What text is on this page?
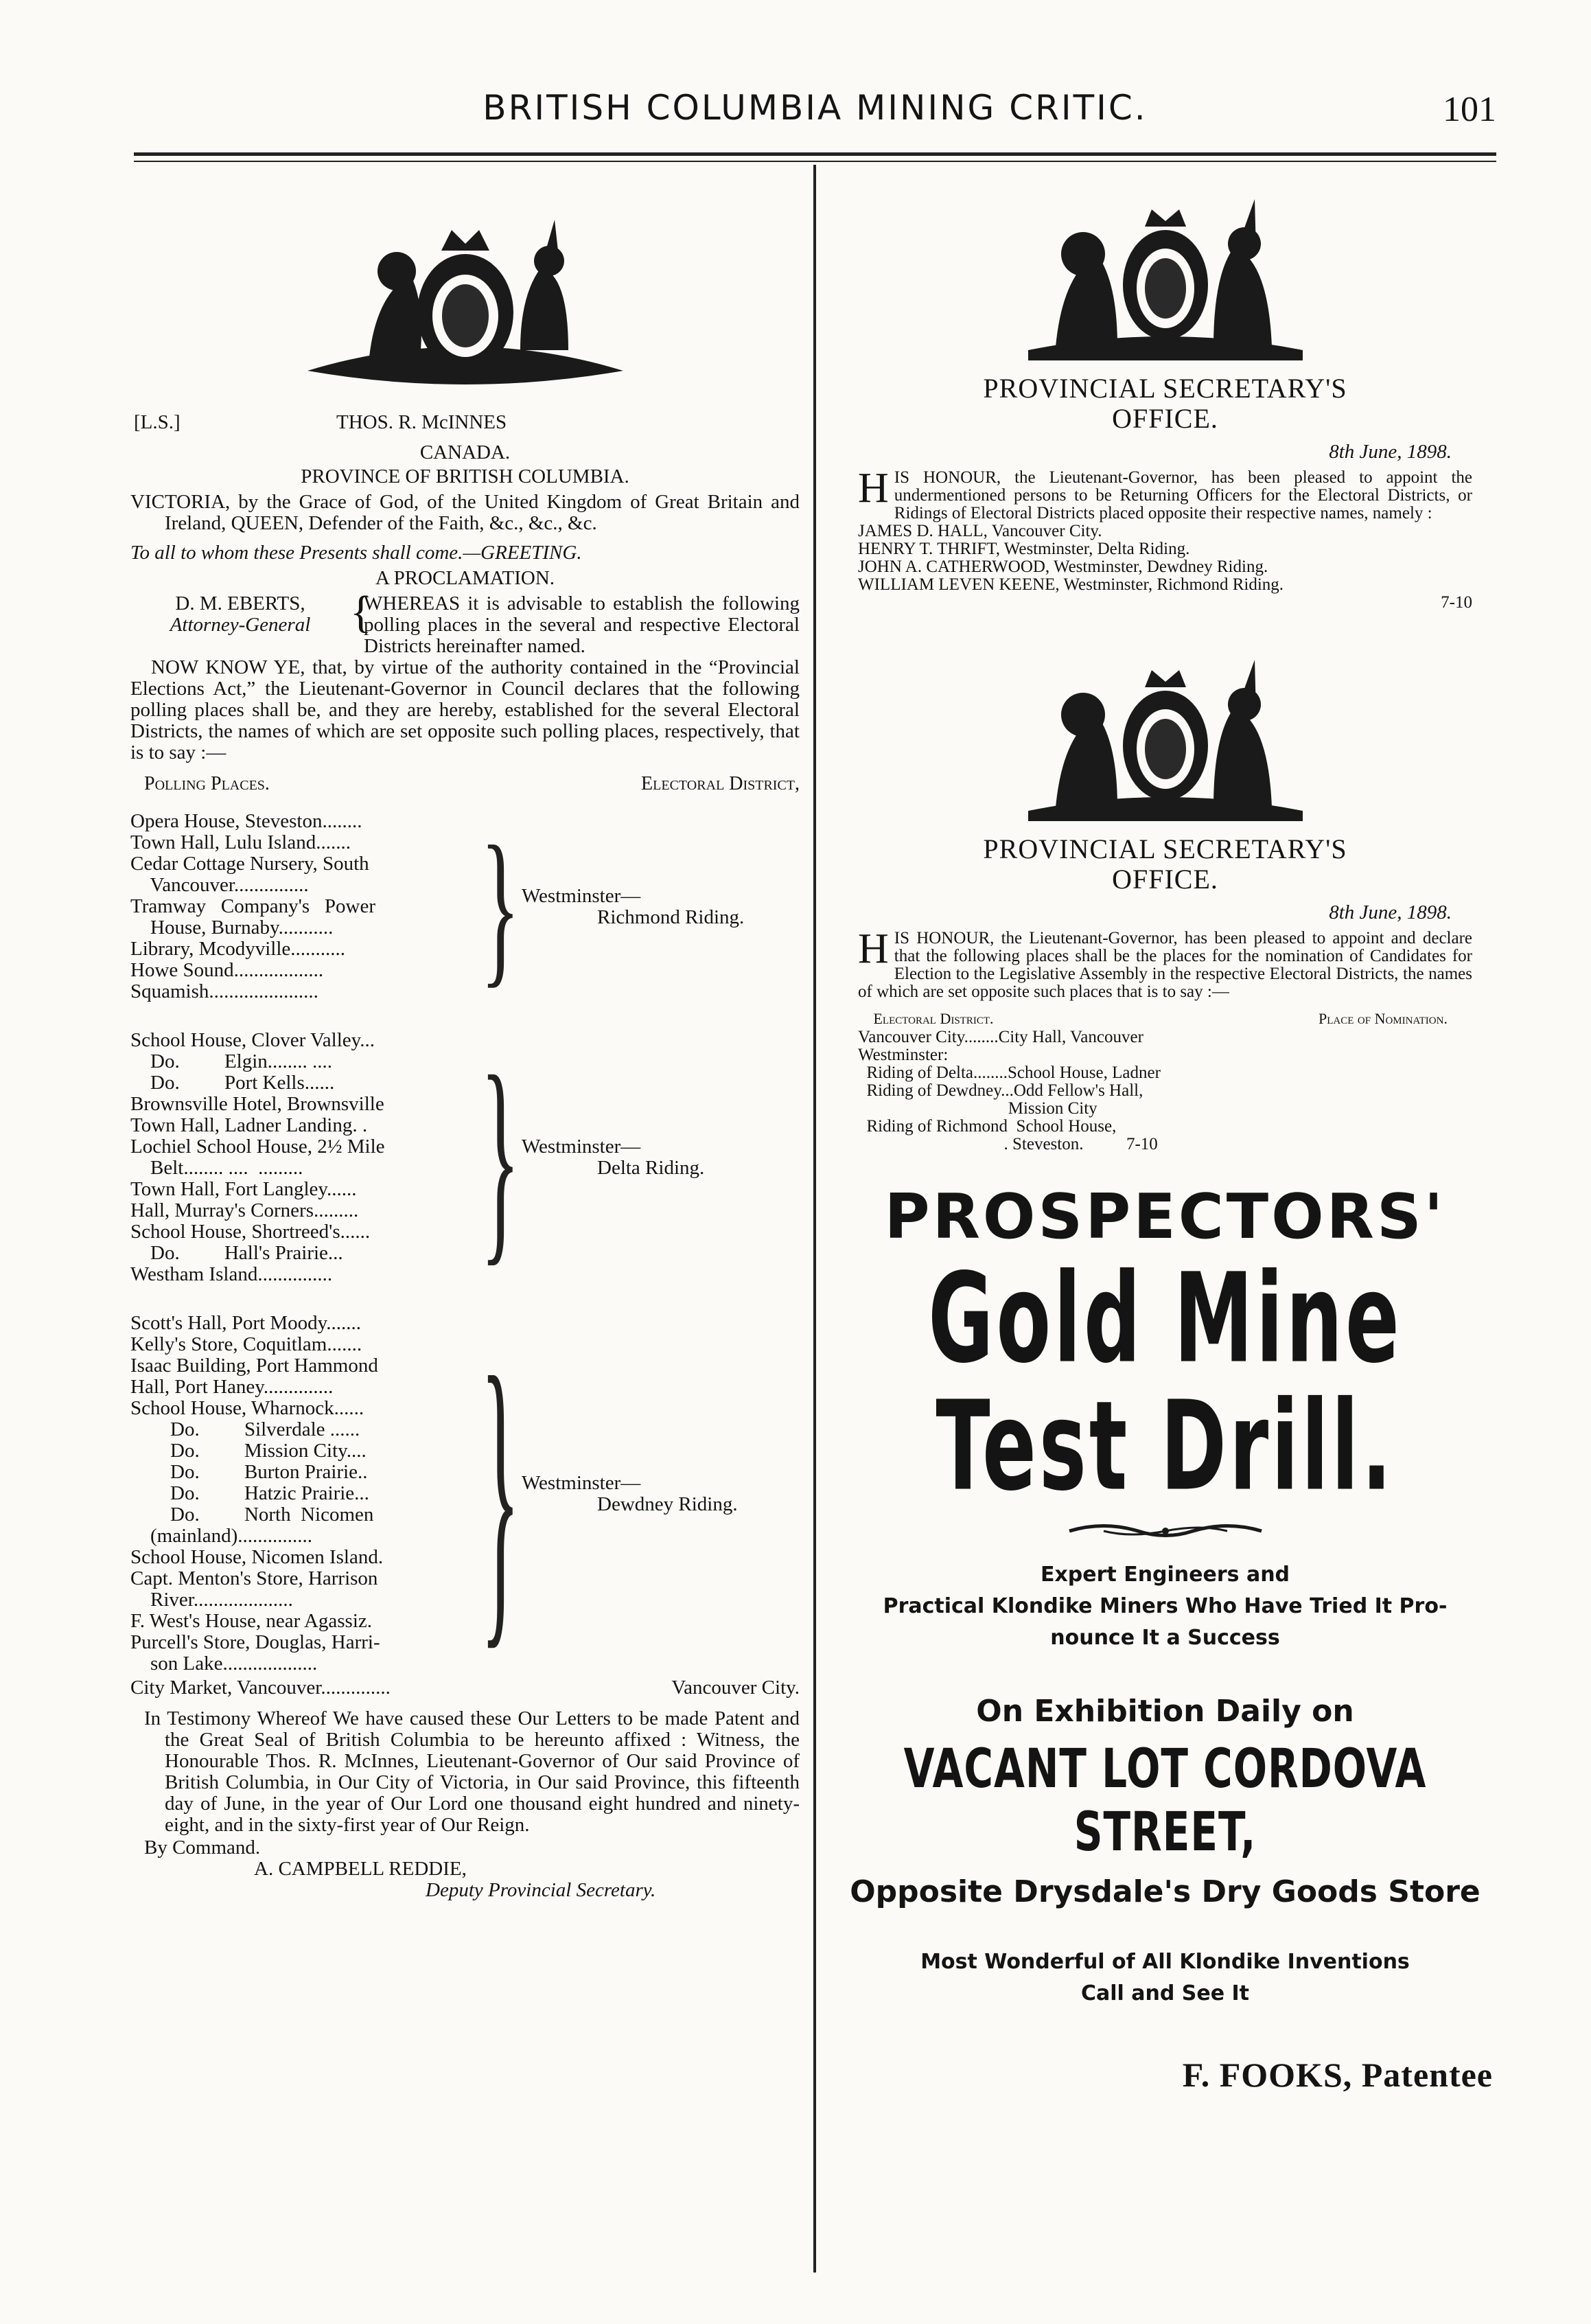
BRITISH COLUMBIA MINING CRITIC.	101
[L.S.]	THOS. R. McINNES
CANADA.
PROVINCE OF BRITISH COLUMBIA.
VICTORIA, by the Grace of God, of the United Kingdom of Great Britain and Ireland, QUEEN, Defender of the Faith, &c., &c., &c.
To all to whom these Presents shall come.—GREETING.
A PROCLAMATION.
D. M. EBERTS,
Attorney-General {
WHEREAS it is advisable to establish the following polling places in the several and respective Electoral Districts hereinafter named.
NOW KNOW YE, that, by virtue of the authority contained in the “Provincial Elections Act,” the Lieutenant-Governor in Council declares that the following polling places shall be, and they are hereby, established for the several Electoral Districts, the names of which are set opposite such polling places, respectively, that is to say :—
Polling Places.	Electoral District,
Opera House, Steveston........
Town Hall, Lulu Island.......
Cedar Cottage Nursery, South
Vancouver...............
Tramway   Company's   Power
House, Burnaby...........
Library, Mcodyville...........
Howe Sound..................
Squamish......................	} Westminster—
Richmond Riding.
School House, Clover Valley...
Do.         Elgin........ ....
Do.         Port Kells......
Brownsville Hotel, Brownsville
Town Hall, Ladner Landing. .
Lochiel School House, 2½ Mile
Belt........ ....  .........
Town Hall, Fort Langley......
Hall, Murray's Corners.........
School House, Shortreed's......
Do.         Hall's Prairie...
Westham Island...............	} Westminster—
Delta Riding.
Scott's Hall, Port Moody.......
Kelly's Store, Coquitlam.......
Isaac Building, Port Hammond
Hall, Port Haney..............
School House, Wharnock......
Do.         Silverdale ......
Do.         Mission City....
Do.         Burton Prairie..
Do.         Hatzic Prairie...
Do.         North  Nicomen
(mainland)...............
School House, Nicomen Island.
Capt. Menton's Store, Harrison
River....................
F. West's House, near Agassiz.
Purcell's Store, Douglas, Harri-
son Lake...................	} Westminster—
Dewdney Riding.
City Market, Vancouver..............	Vancouver City.
In Testimony Whereof We have caused these Our Letters to be made Patent and the Great Seal of British Columbia to be hereunto affixed : Witness, the Honourable Thos. R. McInnes, Lieutenant-Governor of Our said Province of British Columbia, in Our City of Victoria, in Our said Province, this fifteenth day of June, in the year of Our Lord one thousand eight hundred and ninety-eight, and in the sixty-first year of Our Reign.
By Command.
A. CAMPBELL REDDIE,
Deputy Provincial Secretary.
PROVINCIAL SECRETARY'S
OFFICE.
8th June, 1898.
H IS HONOUR, the Lieutenant-Governor, has been pleased to appoint the undermentioned persons to be Returning Officers for the Electoral Districts, or Ridings of Electoral Districts placed opposite their respective names, namely :
JAMES D. HALL, Vancouver City.
HENRY T. THRIFT, Westminster, Delta Riding.
JOHN A. CATHERWOOD, Westminster, Dewdney Riding.
WILLIAM LEVEN KEENE, Westminster, Richmond Riding.
7-10
PROVINCIAL SECRETARY'S
OFFICE.
8th June, 1898.
H IS HONOUR, the Lieutenant-Governor, has been pleased to appoint and declare that the following places shall be the places for the nomination of Candidates for Election to the Legislative Assembly in the respective Electoral Districts, the names of which are set opposite such places that is to say :—
Electoral District.	Place of Nomination.
Vancouver City........City Hall, Vancouver
Westminster:
Riding of Delta........School House, Ladner
Riding of Dewdney...Odd Fellow's Hall,
Mission City
Riding of Richmond  School House,
. Steveston.          7-10
PROSPECTORS'
Gold Mine Test Drill.
Expert Engineers and
Practical Klondike Miners Who Have Tried It Pro-
nounce It a Success
On Exhibition Daily on
VACANT LOT CORDOVA STREET,
Opposite Drysdale's Dry Goods Store
Most Wonderful of All Klondike Inventions
Call and See It
F. FOOKS, Patentee
